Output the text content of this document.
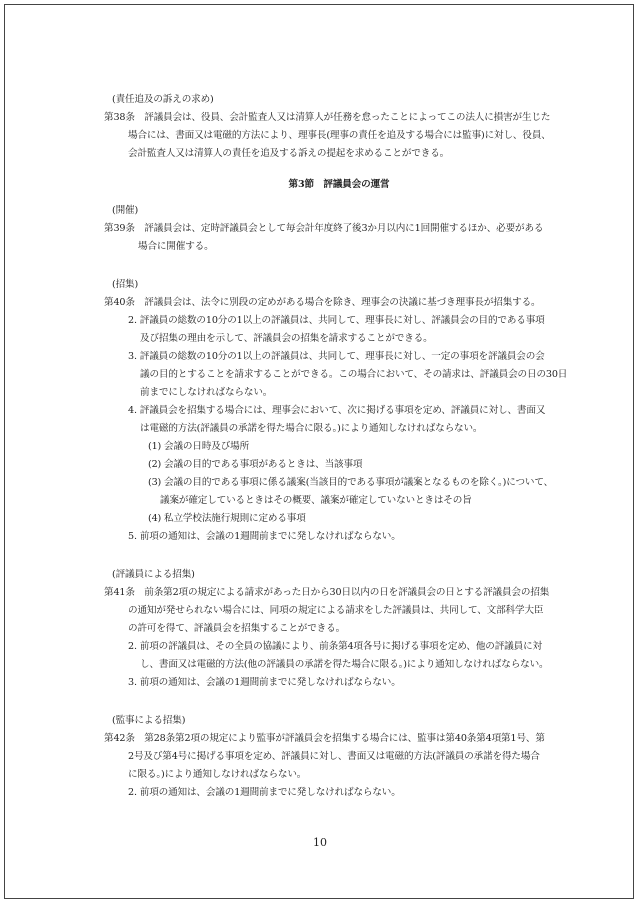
(責任追及の訴えの求め)
第38条　 評議員会は、役員、会計監査人又は清算人が任務を怠ったことによってこの法人に損害が生じた
場合には、書面又は電磁的方法により、理事長(理事の責任を追及する場合には監事)に対し、役員、
会計監査人又は清算人の責任を追及する訴えの提起を求めることができる。
第3節　評議員会の運営
(開催)
第39条　 評議員会は、定時評議員会として毎会計年度終了後3か月以内に1回開催するほか、必要がある
場合に開催する。
(招集)
第40条　 評議員会は、法令に別段の定めがある場合を除き、理事会の決議に基づき理事長が招集する。
2. 評議員の総数の10分の1以上の評議員は、共同して、理事長に対し、評議員会の目的である事項
及び招集の理由を示して、評議員会の招集を請求することができる。
3. 評議員の総数の10分の1以上の評議員は、共同して、理事長に対し、一定の事項を評議員会の会
議の目的とすることを請求することができる。この場合において、その請求は、評議員会の日の30日
前までにしなければならない。
4. 評議員会を招集する場合には、理事会において、次に掲げる事項を定め、評議員に対し、書面又
は電磁的方法(評議員の承諾を得た場合に限る。)により通知しなければならない。
(1) 会議の日時及び場所
(2) 会議の目的である事項があるときは、当該事項
(3) 会議の目的である事項に係る議案(当該目的である事項が議案となるものを除く。)について、
議案が確定しているときはその概要、議案が確定していないときはその旨
(4) 私立学校法施行規則に定める事項
5. 前項の通知は、会議の1週間前までに発しなければならない。
(評議員による招集)
第41条　 前条第2項の規定による請求があった日から30日以内の日を評議員会の日とする評議員会の招集
の通知が発せられない場合には、同項の規定による請求をした評議員は、共同して、文部科学大臣
の許可を得て、評議員会を招集することができる。
2. 前項の評議員は、その全員の協議により、前条第4項各号に掲げる事項を定め、他の評議員に対
し、書面又は電磁的方法(他の評議員の承諾を得た場合に限る。)により通知しなければならない。
3. 前項の通知は、会議の1週間前までに発しなければならない。
(監事による招集)
第42条　 第28条第2項の規定により監事が評議員会を招集する場合には、監事は第40条第4項第1号、第
2号及び第4号に掲げる事項を定め、評議員に対し、書面又は電磁的方法(評議員の承諾を得た場合
に限る。)により通知しなければならない。
2. 前項の通知は、会議の1週間前までに発しなければならない。
10
